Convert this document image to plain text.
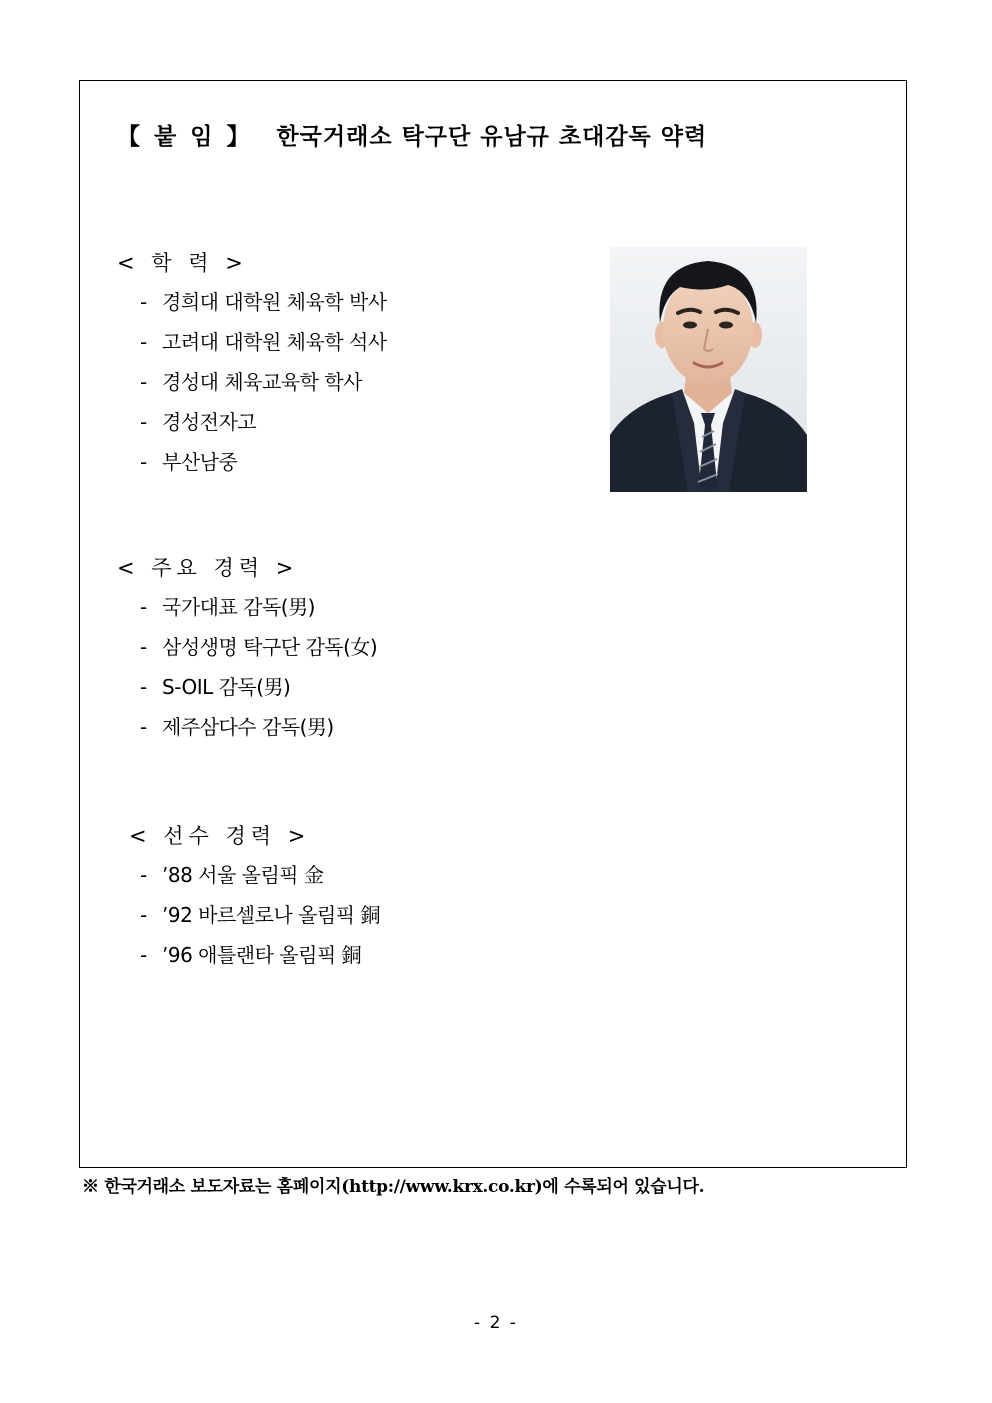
【 붙 임 】 한국거래소 탁구단 유남규 초대감독 약력
< 학 력 >
- 경희대 대학원 체육학 박사
- 고려대 대학원 체육학 석사
- 경성대 체육교육학 학사
- 경성전자고
- 부산남중
< 주요 경력 >
- 국가대표 감독(男)
- 삼성생명 탁구단 감독(女)
- S-OIL 감독(男)
- 제주삼다수 감독(男)
< 선수 경력 >
- ’88 서울 올림픽 金
- ’92 바르셀로나 올림픽 銅
- ’96 애틀랜타 올림픽 銅
※ 한국거래소 보도자료는 홈페이지(http://www.krx.co.kr)에 수록되어 있습니다.
- 2 -
